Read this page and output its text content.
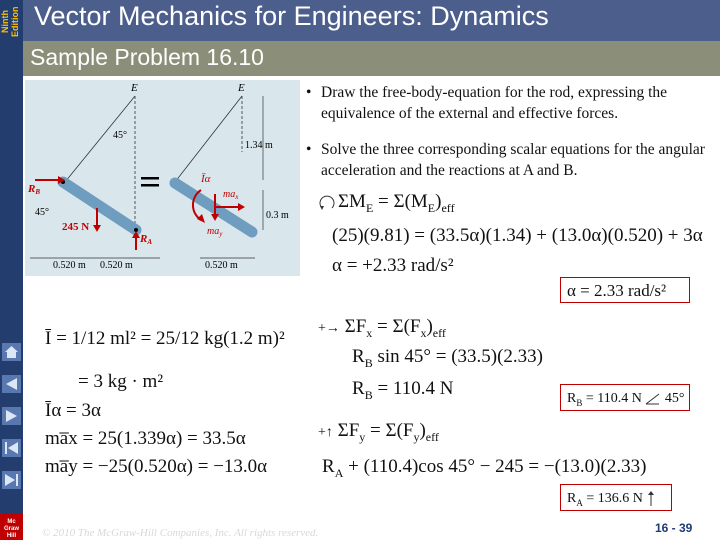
Ninth Edition Vector Mechanics for Engineers: Dynamics
Sample Problem 16.10
Mc
Graw
Hill
E	E
45°
1.34 m
RB
45°
245 N
RA
Īα
$ma_x$
$ma_y$
0.3 m
0.520 m 0.520 m	0.520 m
• Draw the free-body-equation for the rod, expressing the equivalence of the external and effective forces.
• Solve the three corresponding scalar equations for the angular acceleration and the reactions at A and B.
$\Sigma M_E = \Sigma(M_E)_{eff}$
(25)(9.81) = (33.5α)(1.34) + (13.0α)(0.520) + 3α
α = +2.33 rad/s²
α = 2.33 rad/s²
Ī = 1/12 ml² = 25/12 kg(1.2 m)²
= 3 kg · m²
Īα = 3α
ma̅x = 25(1.339α) = 33.5α
ma̅y = −25(0.520α) = −13.0α
+→ $\Sigma F_x = \Sigma(F_x)_{eff}$
$R_B$ sin 45° = (33.5)(2.33)
$R_B = 110.4$ N	$R_B = 110.4$ N 45°
+↑ $\Sigma F_y = \Sigma(F_y)_{eff}$
$R_A + (110.4)\cos$ 45° − 245 = −(13.0)(2.33)
$R_A = 136.6$ N
© 2010 The McGraw-Hill Companies, Inc. All rights reserved.	16 - 39
